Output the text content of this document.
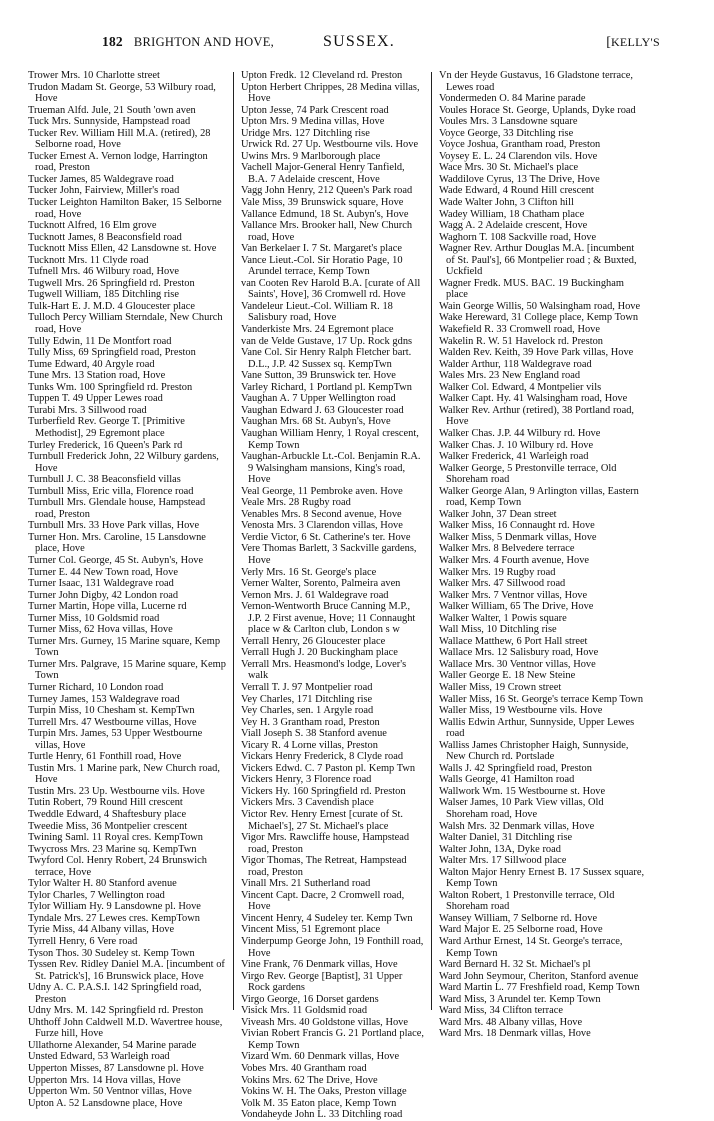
182 BRIGHTON AND HOVE,	SUSSEX.	[KELLY'S

Trower Mrs. 10 Charlotte street

Trudon Madam St. George, 53 Wilbury road, Hove

Trueman Alfd. Jule, 21 South 'own aven

Tuck Mrs. Sunnyside, Hampstead road

Tucker Rev. William Hill M.A. (retired), 28 Selborne road, Hove

Tucker Ernest A. Vernon lodge, Harrington road, Preston

Tucker James, 85 Waldegrave road

Tucker John, Fairview, Miller's road

Tucker Leighton Hamilton Baker, 15 Selborne road, Hove

Tucknott Alfred, 16 Elm grove

Tucknott James, 8 Beaconsfield road

Tucknott Miss Ellen, 42 Lansdowne st. Hove

Tucknott Mrs. 11 Clyde road

Tufnell Mrs. 46 Wilbury road, Hove

Tugwell Mrs. 26 Springfield rd. Preston

Tugwell William, 185 Ditchling rise

Tulk-Hart E. J. M.D. 4 Gloucester place

Tulloch Percy William Sterndale, New Church road, Hove

Tully Edwin, 11 De Montfort road

Tully Miss, 69 Springfield road, Preston

Tume Edward, 40 Argyle road

Tune Mrs. 13 Station road, Hove

Tunks Wm. 100 Springfield rd. Preston

Tuppen T. 49 Upper Lewes road

Turabi Mrs. 3 Sillwood road

Turberfield Rev. George T. [Primitive Methodist], 29 Egremont place

Turley Frederick, 16 Queen's Park rd

Turnbull Frederick John, 22 Wilbury gardens, Hove

Turnbull J. C. 38 Beaconsfield villas

Turnbull Miss, Eric villa, Florence road

Turnbull Mrs. Glendale house, Hampstead road, Preston

Turnbull Mrs. 33 Hove Park villas, Hove

Turner Hon. Mrs. Caroline, 15 Lansdowne place, Hove

Turner Col. George, 45 St. Aubyn's, Hove

Turner E. 44 New Town road, Hove

Turner Isaac, 131 Waldegrave road

Turner John Digby, 42 London road

Turner Martin, Hope villa, Lucerne rd

Turner Miss, 10 Goldsmid road

Turner Miss, 62 Hova villas, Hove

Turner Mrs. Gurney, 15 Marine square, Kemp Town

Turner Mrs. Palgrave, 15 Marine square, Kemp Town

Turner Richard, 10 London road

Turney James, 153 Waldegrave road

Turpin Miss, 10 Chesham st. KempTwn

Turrell Mrs. 47 Westbourne villas, Hove

Turpin Mrs. James, 53 Upper Westbourne villas, Hove

Turtle Henry, 61 Fonthill road, Hove

Tustin Mrs. 1 Marine park, New Church road, Hove

Tustin Mrs. 23 Up. Westbourne vils. Hove

Tutin Robert, 79 Round Hill crescent

Tweddle Edward, 4 Shaftesbury place

Tweedie Miss, 36 Montpelier crescent

Twining Saml. 11 Royal cres. KempTown

Twycross Mrs. 23 Marine sq. KempTwn

Twyford Col. Henry Robert, 24 Brunswich terrace, Hove

Tylor Walter H. 80 Stanford avenue

Tylor Charles, 7 Wellington road

Tylor William Hy. 9 Lansdowne pl. Hove

Tyndale Mrs. 27 Lewes cres. KempTown

Tyrie Miss, 44 Albany villas, Hove

Tyrrell Henry, 6 Vere road

Tyson Thos. 30 Sudeley st. Kemp Town

Tyssen Rev. Ridley Daniel M.A. [incumbent of St. Patrick's], 16 Brunswick place, Hove

Udny A. C. P.A.S.I. 142 Springfield road, Preston

Udny Mrs. M. 142 Springfield rd. Preston

Uhthoff John Caldwell M.D. Wavertree house, Furze hill, Hove

Ullathorne Alexander, 54 Marine parade

Unsted Edward, 53 Warleigh road

Upperton Misses, 87 Lansdowne pl. Hove

Upperton Mrs. 14 Hova villas, Hove

Upperton Wm. 50 Ventnor villas, Hove

Upton A. 52 Lansdowne place, Hove

Upton Fredk. 12 Cleveland rd. Preston

Upton Herbert Chrippes, 28 Medina villas, Hove

Upton Jesse, 74 Park Crescent road

Upton Mrs. 9 Medina villas, Hove

Uridge Mrs. 127 Ditchling rise

Urwick Rd. 27 Up. Westbourne vils. Hove

Uwins Mrs. 9 Marlborough place

Vachell Major-General Henry Tanfield, B.A. 7 Adelaide crescent, Hove

Vagg John Henry, 212 Queen's Park road

Vale Miss, 39 Brunswick square, Hove

Vallance Edmund, 18 St. Aubyn's, Hove

Vallance Mrs. Brooker hall, New Church road, Hove

Van Berkelaer I. 7 St. Margaret's place

Vance Lieut.-Col. Sir Horatio Page, 10 Arundel terrace, Kemp Town

van Cooten Rev Harold B.A. [curate of All Saints', Hove], 36 Cromwell rd. Hove

Vandeleur Lieut.-Col. William R. 18 Salisbury road, Hove

Vanderkiste Mrs. 24 Egremont place

van de Velde Gustave, 17 Up. Rock gdns

Vane Col. Sir Henry Ralph Fletcher bart. D.L., J.P. 42 Sussex sq. KempTwn

Vane Sutton, 39 Brunswick ter. Hove

Varley Richard, 1 Portland pl. KempTwn

Vaughan A. 7 Upper Wellington road

Vaughan Edward J. 63 Gloucester road

Vaughan Mrs. 68 St. Aubyn's, Hove

Vaughan William Henry, 1 Royal crescent, Kemp Town

Vaughan-Arbuckle Lt.-Col. Benjamin R.A. 9 Walsingham mansions, King's road, Hove

Veal George, 11 Pembroke aven. Hove

Veale Mrs. 28 Rugby road

Venables Mrs. 8 Second avenue, Hove

Venosta Mrs. 3 Clarendon villas, Hove

Verdie Victor, 6 St. Catherine's ter. Hove

Vere Thomas Barlett, 3 Sackville gardens, Hove

Verly Mrs. 16 St. George's place

Verner Walter, Sorento, Palmeira aven

Vernon Mrs. J. 61 Waldegrave road

Vernon-Wentworth Bruce Canning M.P., J.P. 2 First avenue, Hove; 11 Connaught place w & Carlton club, London s w

Verrall Henry, 26 Gloucester place

Verrall Hugh J. 20 Buckingham place

Verrall Mrs. Heasmond's lodge, Lover's walk

Verrall T. J. 97 Montpelier road

Vey Charles, 171 Ditchling rise

Vey Charles, sen. 1 Argyle road

Vey H. 3 Grantham road, Preston

Viall Joseph S. 38 Stanford avenue

Vicary R. 4 Lorne villas, Preston

Vickars Henry Frederick, 8 Clyde road

Vickers Edwd. C. 7 Paston pl. Kemp Twn

Vickers Henry, 3 Florence road

Vickers Hy. 160 Springfield rd. Preston

Vickers Mrs. 3 Cavendish place

Victor Rev. Henry Ernest [curate of St. Michael's], 27 St. Michael's place

Vigor Mrs. Rawcliffe house, Hampstead road, Preston

Vigor Thomas, The Retreat, Hampstead road, Preston

Vinall Mrs. 21 Sutherland road

Vincent Capt. Dacre, 2 Cromwell road, Hove

Vincent Henry, 4 Sudeley ter. Kemp Twn

Vincent Miss, 51 Egremont place

Vinderpump George John, 19 Fonthill road, Hove

Vine Frank, 76 Denmark villas, Hove

Virgo Rev. George [Baptist], 31 Upper Rock gardens

Virgo George, 16 Dorset gardens

Visick Mrs. 11 Goldsmid road

Viveash Mrs. 40 Goldstone villas, Hove

Vivian Robert Francis G. 21 Portland place, Kemp Town

Vizard Wm. 60 Denmark villas, Hove

Vobes Mrs. 40 Grantham road

Vokins Mrs. 62 The Drive, Hove

Vokins W. H. The Oaks, Preston village

Volk M. 35 Eaton place, Kemp Town

Vondaheyde John L. 33 Ditchling road

Vn der Heyde Gustavus, 16 Gladstone terrace, Lewes road

Vondermeden O. 84 Marine parade

Voules Horace St. George, Uplands, Dyke road

Voules Mrs. 3 Lansdowne square

Voyce George, 33 Ditchling rise

Voyce Joshua, Grantham road, Preston

Voysey E. L. 24 Clarendon vils. Hove

Wace Mrs. 30 St. Michael's place

Waddilove Cyrus, 13 The Drive, Hove

Wade Edward, 4 Round Hill crescent

Wade Walter John, 3 Clifton hill

Wadey William, 18 Chatham place

Wagg A. 2 Adelaide crescent, Hove

Waghorn T. 108 Sackville road, Hove

Wagner Rev. Arthur Douglas M.A. [incumbent of St. Paul's], 66 Montpelier road ; & Buxted, Uckfield

Wagner Fredk. MUS. BAC. 19 Buckingham place

Wain George Willis, 50 Walsingham road, Hove

Wake Hereward, 31 College place, Kemp Town

Wakefield R. 33 Cromwell road, Hove

Wakelin R. W. 51 Havelock rd. Preston

Walden Rev. Keith, 39 Hove Park villas, Hove

Walder Arthur, 118 Waldegrave road

Wales Mrs. 23 New England road

Walker Col. Edward, 4 Montpelier vils

Walker Capt. Hy. 41 Walsingham road, Hove

Walker Rev. Arthur (retired), 38 Portland road, Hove

Walker Chas. J.P. 44 Wilbury rd. Hove

Walker Chas. J. 10 Wilbury rd. Hove

Walker Frederick, 41 Warleigh road

Walker George, 5 Prestonville terrace, Old Shoreham road

Walker George Alan, 9 Arlington villas, Eastern road, Kemp Town

Walker John, 37 Dean street

Walker Miss, 16 Connaught rd. Hove

Walker Miss, 5 Denmark villas, Hove

Walker Mrs. 8 Belvedere terrace

Walker Mrs. 4 Fourth avenue, Hove

Walker Mrs. 19 Rugby road

Walker Mrs. 47 Sillwood road

Walker Mrs. 7 Ventnor villas, Hove

Walker William, 65 The Drive, Hove

Walker Walter, 1 Powis square

Wall Miss, 10 Ditchling rise

Wallace Matthew, 6 Port Hall street

Wallace Mrs. 12 Salisbury road, Hove

Wallace Mrs. 30 Ventnor villas, Hove

Waller George E. 18 New Steine

Waller Miss, 19 Crown street

Waller Miss, 16 St. George's terrace Kemp Town

Waller Miss, 19 Westbourne vils. Hove

Wallis Edwin Arthur, Sunnyside, Upper Lewes road

Walliss James Christopher Haigh, Sunnyside, New Church rd. Portslade

Walls J. 42 Springfield road, Preston

Walls George, 41 Hamilton road

Wallwork Wm. 15 Westbourne st. Hove

Walser James, 10 Park View villas, Old Shoreham road, Hove

Walsh Mrs. 32 Denmark villas, Hove

Walter Daniel, 31 Ditchling rise

Walter John, 13A, Dyke road

Walter Mrs. 17 Sillwood place

Walton Major Henry Ernest B. 17 Sussex square, Kemp Town

Walton Robert, 1 Prestonville terrace, Old Shoreham road

Wansey William, 7 Selborne rd. Hove

Ward Major E. 25 Selborne road, Hove

Ward Arthur Ernest, 14 St. George's terrace, Kemp Town

Ward Bernard H. 32 St. Michael's pl

Ward John Seymour, Cheriton, Stanford avenue

Ward Martin L. 77 Freshfield road, Kemp Town

Ward Miss, 3 Arundel ter. Kemp Town

Ward Miss, 34 Clifton terrace

Ward Mrs. 48 Albany villas, Hove

Ward Mrs. 18 Denmark villas, Hove
